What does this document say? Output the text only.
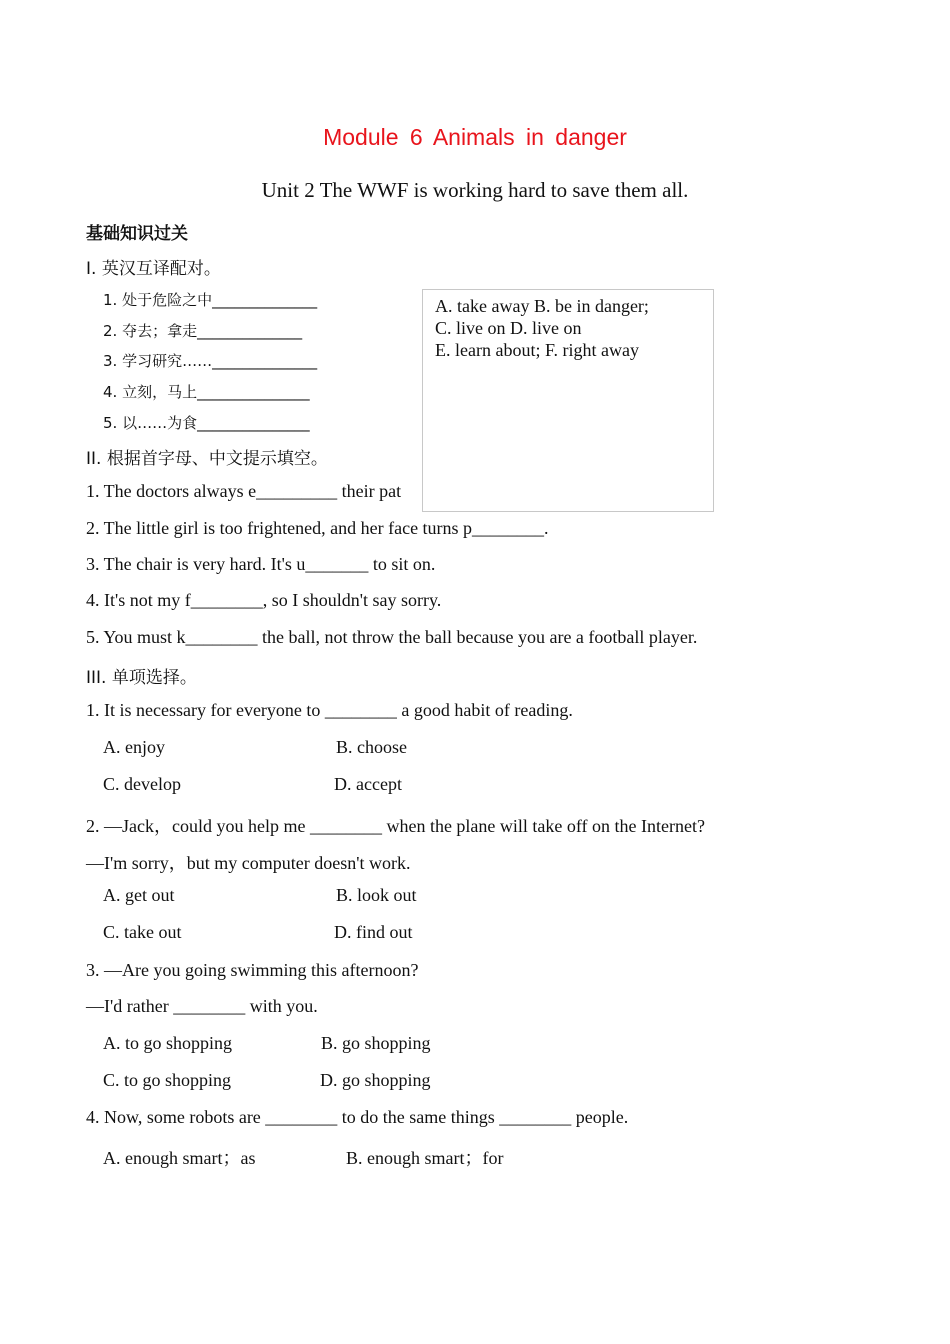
Module 6 Animals in danger
Unit 2 The WWF is working hard to save them all.
基础知识过关
I. 英汉互译配对。
1. 处于危险之中______________
2. 夺去；拿走______________
3. 学习研究……______________
4. 立刻，马上_______________
5. 以……为食_______________
II. 根据首字母、中文提示填空。
1. The doctors always e_________ their pat
2. The little girl is too frightened, and her face turns p________.
3. The chair is very hard. It's u_______ to sit on.
4. It's not my f________, so I shouldn't say sorry.
5. You must k________ the ball, not throw the ball because you are a football player.
A. take away B. be in danger;
C. live on D. live on
E. learn about; F. right away
III. 单项选择。
1. It is necessary for everyone to ________ a good habit of reading.
A. enjoy	B. choose
C. develop	D. accept
2. —Jack，could you help me ________ when the plane will take off on the Internet?
—I'm sorry，but my computer doesn't work.
A. get out	B. look out
C. take out	D. find out
3. —Are you going swimming this afternoon?
—I'd rather ________ with you.
A. to go shopping	B. go shopping
C. to go shopping	D. go shopping
4. Now, some robots are ________ to do the same things ________ people.
A. enough smart；as	B. enough smart；for
